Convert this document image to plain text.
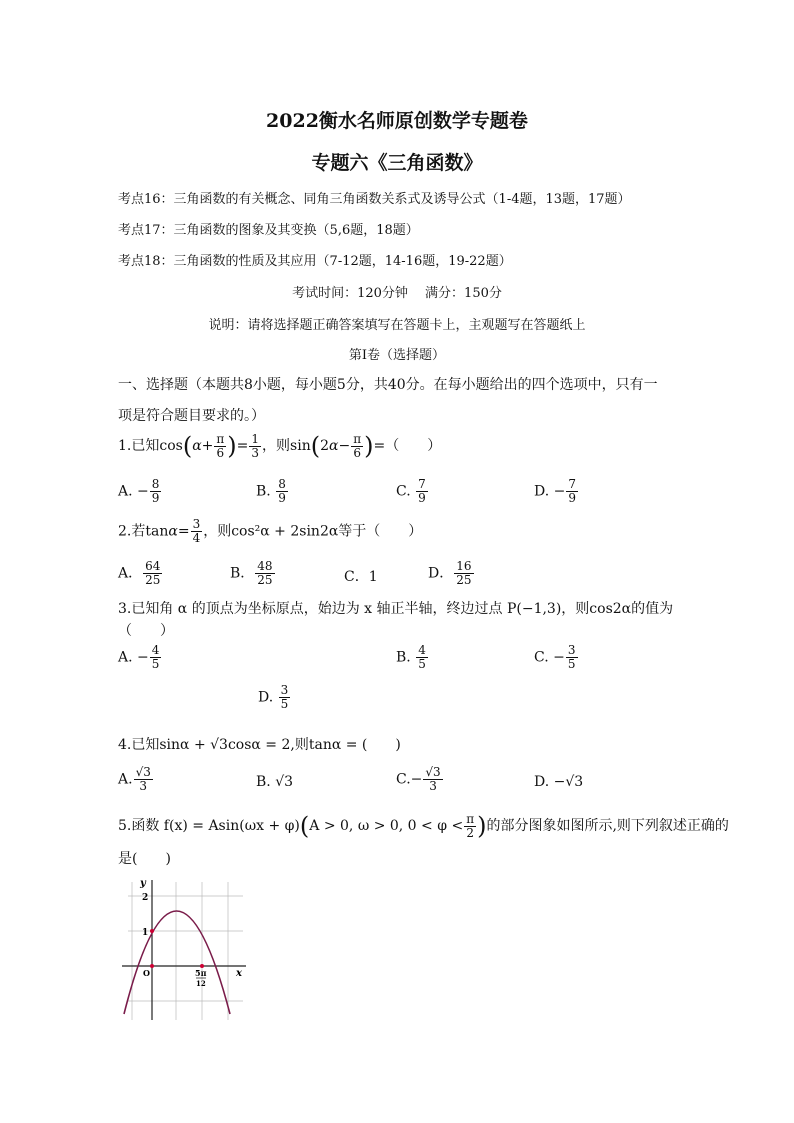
2022衡水名师原创数学专题卷
专题六《三角函数》
考点16：三角函数的有关概念、同角三角函数关系式及诱导公式（1-4题，13题，17题）
考点17：三角函数的图象及其变换（5,6题，18题）
考点18：三角函数的性质及其应用（7-12题，14-16题，19-22题）
考试时间：120分钟　 满分：150分
说明：请将选择题正确答案填写在答题卡上，主观题写在答题纸上
第I卷（选择题）
一、选择题（本题共8小题，每小题5分，共40分。在每小题给出的四个选项中，只有一
项是符合题目要求的。）
1.已知$\cos(\alpha+ \frac{\pi}{6}$ )= $\frac{1}{3}$ ，则$\sin(2\alpha- \frac{\pi}{6}$ )=（　　）
A. − $\frac{8}{9}$	B. $\frac{8}{9}$	C. $\frac{7}{9}$	D. − $\frac{7}{9}$
2.若$\tan\alpha= \frac{3}{4}$ ，则cos²α + 2sin2α等于（　　）
A． $\frac{64}{25}$	B． $\frac{48}{25}$	C．1	D． $\frac{16}{25}$
3.已知角 α 的顶点为坐标原点，始边为 x 轴正半轴，终边过点 P(−1,3)，则cos2α的值为
（　　）
A. − $\frac{4}{5}$	B. $\frac{4}{5}$	C. − $\frac{3}{5}$
D. $\frac{3}{5}$
4.已知sinα + √3cosα = 2,则tanα = (　　)
A. $\frac{√3}{3}$	B. √3	$C.- \frac{√3}{3}$	D. −√3
5.函数 f(x) = Asin(ωx + φ)(A > 0, ω > 0, $0 < \varphi < \frac{\pi}{2}$ )的部分图象如图所示,则下列叙述正确的
是(　　)
y
x
2
1
O	5π
12
